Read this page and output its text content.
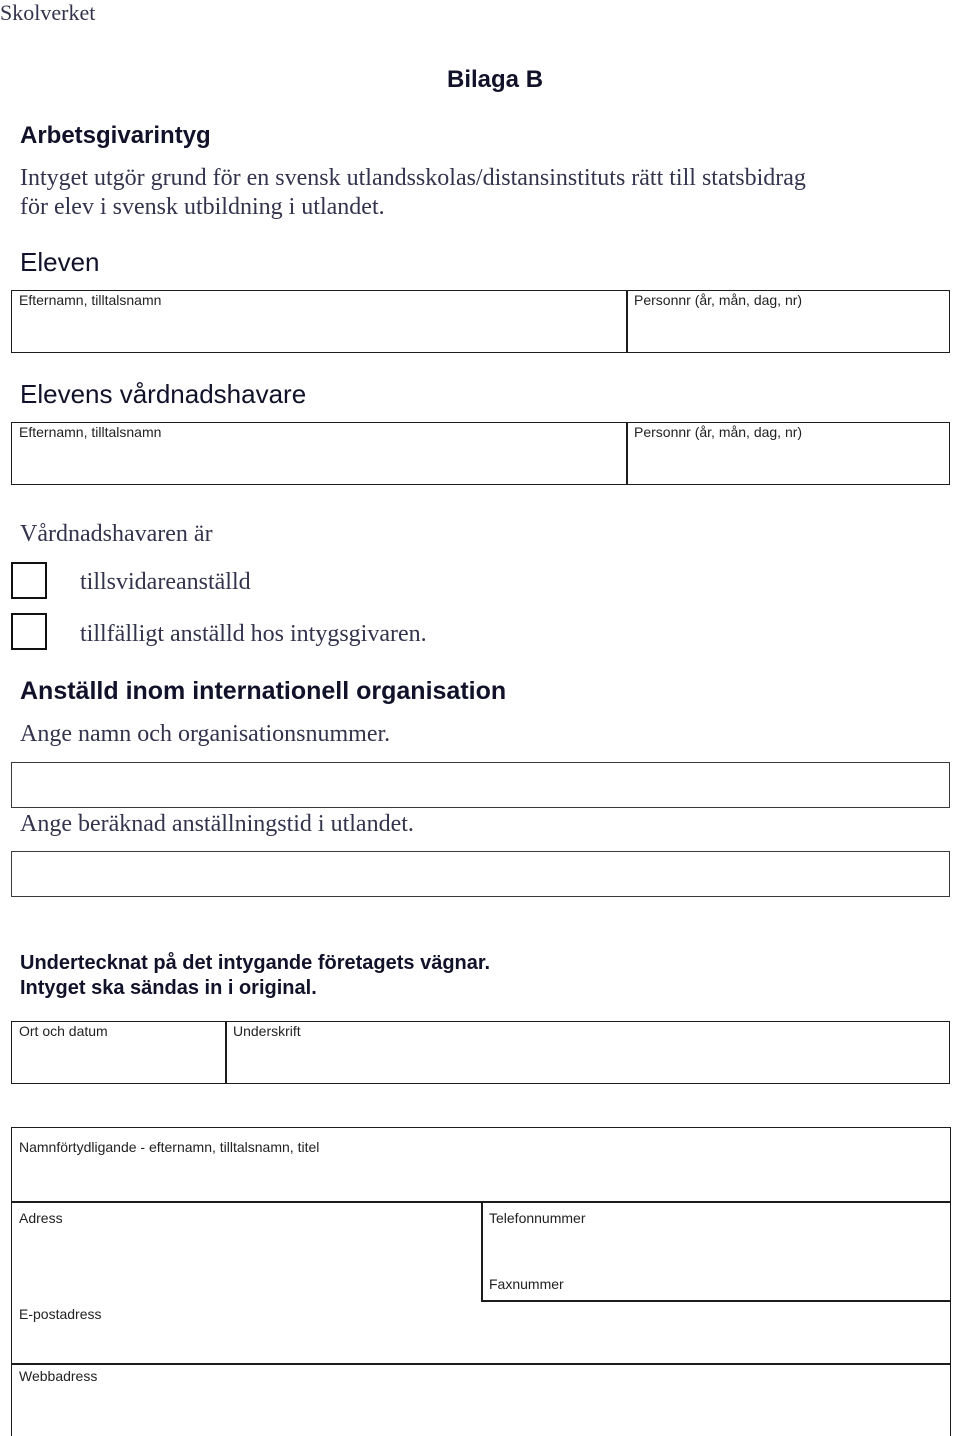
Skolverket
Bilaga B
Arbetsgivarintyg
Intyget utgör grund för en svensk utlandsskolas/distansinstituts rätt till statsbidrag
för elev i svensk utbildning i utlandet.
Eleven
Efternamn, tilltalsnamn	Personnr (år, mån, dag, nr)
Elevens vårdnadshavare
Efternamn, tilltalsnamn	Personnr (år, mån, dag, nr)
Vårdnadshavaren är
tillsvidareanställd
tillfälligt anställd hos intygsgivaren.
Anställd inom internationell organisation
Ange namn och organisationsnummer.
Ange beräknad anställningstid i utlandet.
Undertecknat på det intygande företagets vägnar.
Intyget ska sändas in i original.
Ort och datum	Underskrift
Namnförtydligande - efternamn, tilltalsnamn, titel
Adress	Telefonnummer
Faxnummer
E-postadress
Webbadress
